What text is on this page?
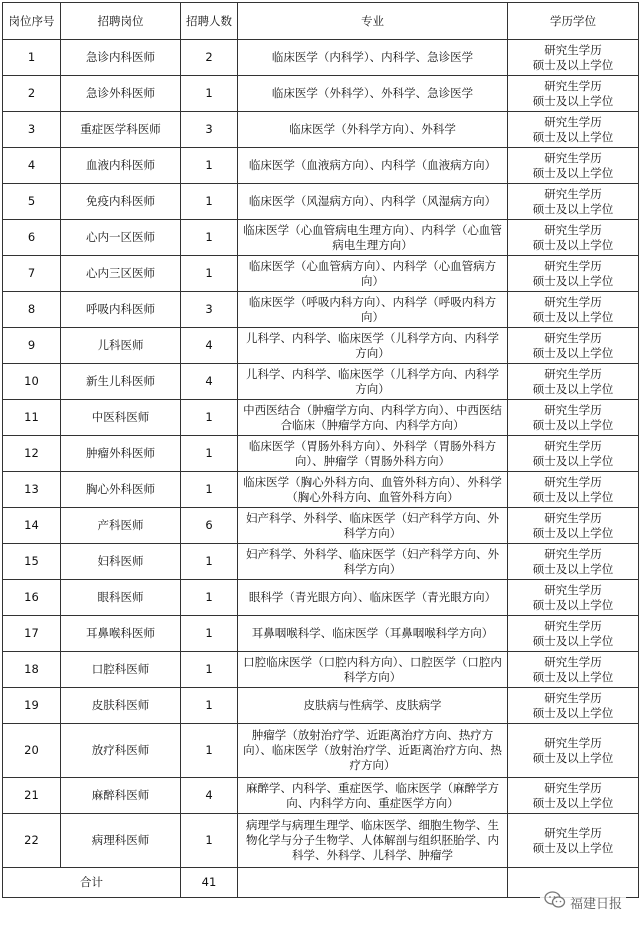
岗位序号	招聘岗位	招聘人数	专业	学历学位
1	急诊内科医师	2	临床医学（内科学）、内科学、急诊医学	研究生学历
硕士及以上学位

2	急诊外科医师	1	临床医学（外科学）、外科学、急诊医学	研究生学历
硕士及以上学位

3	重症医学科医师	3	临床医学（外科学方向）、外科学	研究生学历
硕士及以上学位

4	血液内科医师	1	临床医学（血液病方向）、内科学（血液病方向）	研究生学历
硕士及以上学位

5	免疫内科医师	1	临床医学（风湿病方向）、内科学（风湿病方向）	研究生学历
硕士及以上学位

6	心内一区医师	1	临床医学（心血管病电生理方向）、内科学（心血管病电生理方向）	研究生学历
硕士及以上学位

7	心内三区医师	1	临床医学（心血管病方向）、内科学（心血管病方向）	研究生学历
硕士及以上学位

8	呼吸内科医师	3	临床医学（呼吸内科方向）、内科学（呼吸内科方向）	研究生学历
硕士及以上学位

9	儿科医师	4	儿科学、内科学、临床医学（儿科学方向、内科学方向）	研究生学历
硕士及以上学位

10	新生儿科医师	4	儿科学、内科学、临床医学（儿科学方向、内科学方向）	研究生学历
硕士及以上学位

11	中医科医师	1	中西医结合（肿瘤学方向、内科学方向）、中西医结合临床（肿瘤学方向、内科学方向）	研究生学历
硕士及以上学位

12	肿瘤外科医师	1	临床医学（胃肠外科方向）、外科学（胃肠外科方向）、肿瘤学（胃肠外科方向）	研究生学历
硕士及以上学位

13	胸心外科医师	1	临床医学（胸心外科方向、血管外科方向）、外科学（胸心外科方向、血管外科方向）	研究生学历
硕士及以上学位

14	产科医师	6	妇产科学、外科学、临床医学（妇产科学方向、外科学方向）	研究生学历
硕士及以上学位

15	妇科医师	1	妇产科学、外科学、临床医学（妇产科学方向、外科学方向）	研究生学历
硕士及以上学位

16	眼科医师	1	眼科学（青光眼方向）、临床医学（青光眼方向）	研究生学历
硕士及以上学位

17	耳鼻喉科医师	1	耳鼻咽喉科学、临床医学（耳鼻咽喉科学方向）	研究生学历
硕士及以上学位

18	口腔科医师	1	口腔临床医学（口腔内科方向）、口腔医学（口腔内科学方向）	研究生学历
硕士及以上学位

19	皮肤科医师	1	皮肤病与性病学、皮肤病学	研究生学历
硕士及以上学位

20	放疗科医师	1	肿瘤学（放射治疗学、近距离治疗方向、热疗方向）、临床医学（放射治疗学、近距离治疗方向、热疗方向）	研究生学历
硕士及以上学位

21	麻醉科医师	4	麻醉学、内科学、重症医学、临床医学（麻醉学方向、内科学方向、重症医学方向）	研究生学历
硕士及以上学位

22	病理科医师	1	病理学与病理生理学、临床医学、细胞生物学、生物化学与分子生物学、人体解剖与组织胚胎学、内科学、外科学、儿科学、肿瘤学	研究生学历
硕士及以上学位

合计		41		
福建日报
